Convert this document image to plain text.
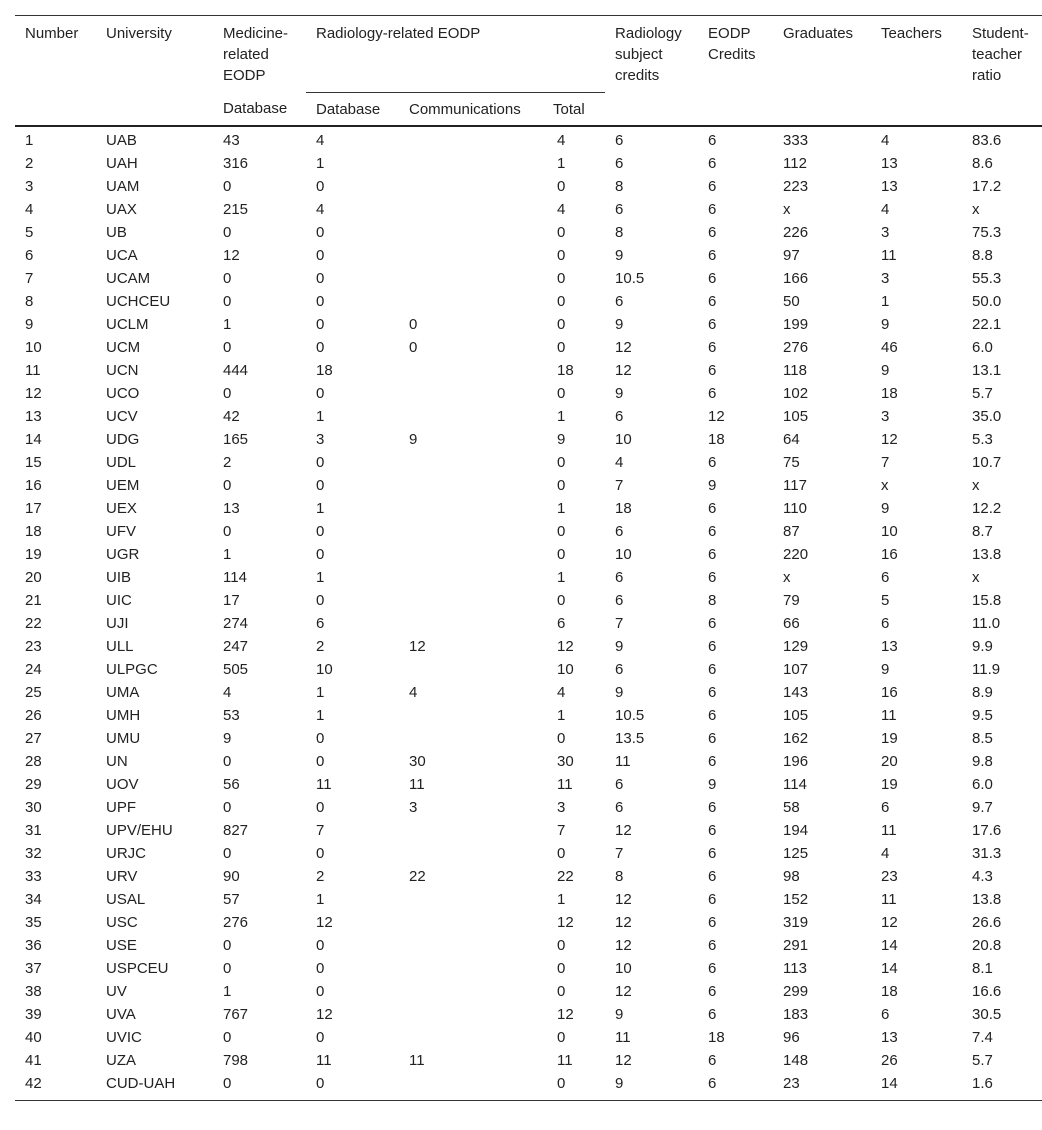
Number	University	Medicine-related EODP	Radiology-related EODP			Radiology subject credits	EODP Credits	Graduates	Teachers	Student-teacher ratio
		Database	Database	Communications	Total					
1	UAB	43	4		4	6	6	333	4	83.6
2	UAH	316	1		1	6	6	112	13	8.6
3	UAM	0	0		0	8	6	223	13	17.2
4	UAX	215	4		4	6	6	x	4	x
5	UB	0	0		0	8	6	226	3	75.3
6	UCA	12	0		0	9	6	97	11	8.8
7	UCAM	0	0		0	10.5	6	166	3	55.3
8	UCHCEU	0	0		0	6	6	50	1	50.0
9	UCLM	1	0	0	0	9	6	199	9	22.1
10	UCM	0	0	0	0	12	6	276	46	6.0
11	UCN	444	18		18	12	6	118	9	13.1
12	UCO	0	0		0	9	6	102	18	5.7
13	UCV	42	1		1	6	12	105	3	35.0
14	UDG	165	3	9	9	10	18	64	12	5.3
15	UDL	2	0		0	4	6	75	7	10.7
16	UEM	0	0		0	7	9	117	x	x
17	UEX	13	1		1	18	6	110	9	12.2
18	UFV	0	0		0	6	6	87	10	8.7
19	UGR	1	0		0	10	6	220	16	13.8
20	UIB	114	1		1	6	6	x	6	x
21	UIC	17	0		0	6	8	79	5	15.8
22	UJI	274	6		6	7	6	66	6	11.0
23	ULL	247	2	12	12	9	6	129	13	9.9
24	ULPGC	505	10		10	6	6	107	9	11.9
25	UMA	4	1	4	4	9	6	143	16	8.9
26	UMH	53	1		1	10.5	6	105	11	9.5
27	UMU	9	0		0	13.5	6	162	19	8.5
28	UN	0	0	30	30	11	6	196	20	9.8
29	UOV	56	11	11	11	6	9	114	19	6.0
30	UPF	0	0	3	3	6	6	58	6	9.7
31	UPV/EHU	827	7		7	12	6	194	11	17.6
32	URJC	0	0		0	7	6	125	4	31.3
33	URV	90	2	22	22	8	6	98	23	4.3
34	USAL	57	1		1	12	6	152	11	13.8
35	USC	276	12		12	12	6	319	12	26.6
36	USE	0	0		0	12	6	291	14	20.8
37	USPCEU	0	0		0	10	6	113	14	8.1
38	UV	1	0		0	12	6	299	18	16.6
39	UVA	767	12		12	9	6	183	6	30.5
40	UVIC	0	0		0	11	18	96	13	7.4
41	UZA	798	11	11	11	12	6	148	26	5.7
42	CUD-UAH	0	0		0	9	6	23	14	1.6
